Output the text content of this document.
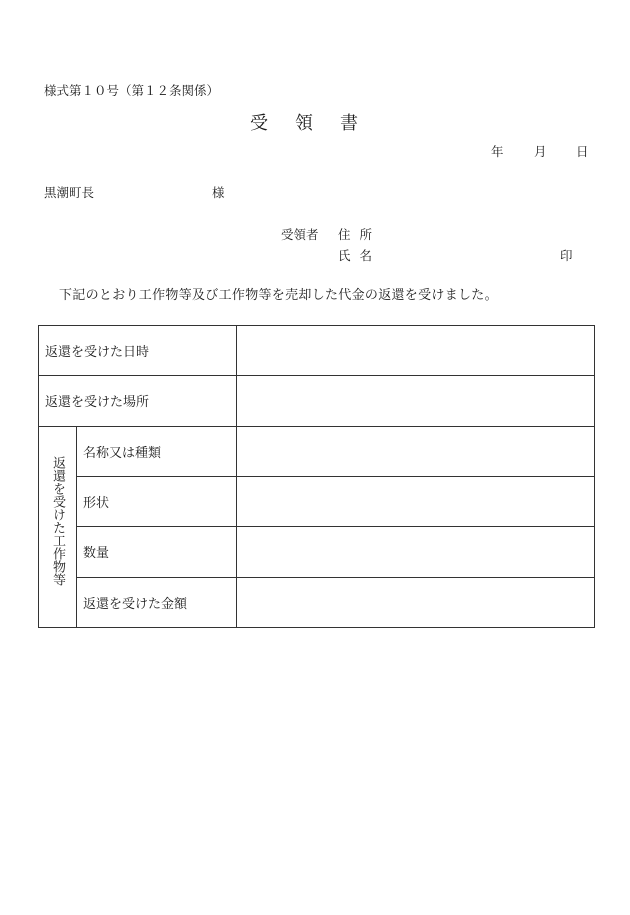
様式第１０号（第１２条関係）
受領書
年 月 日
黒潮町長	様
受領者 住所
氏名	印
下記のとおり工作物等及び工作物等を売却した代金の返還を受けました。
返還を受けた日時		
返還を受けた場所		
返還を受けた工作物等	名称又は種類	
	形状	
	数量	
	返還を受けた金額	
